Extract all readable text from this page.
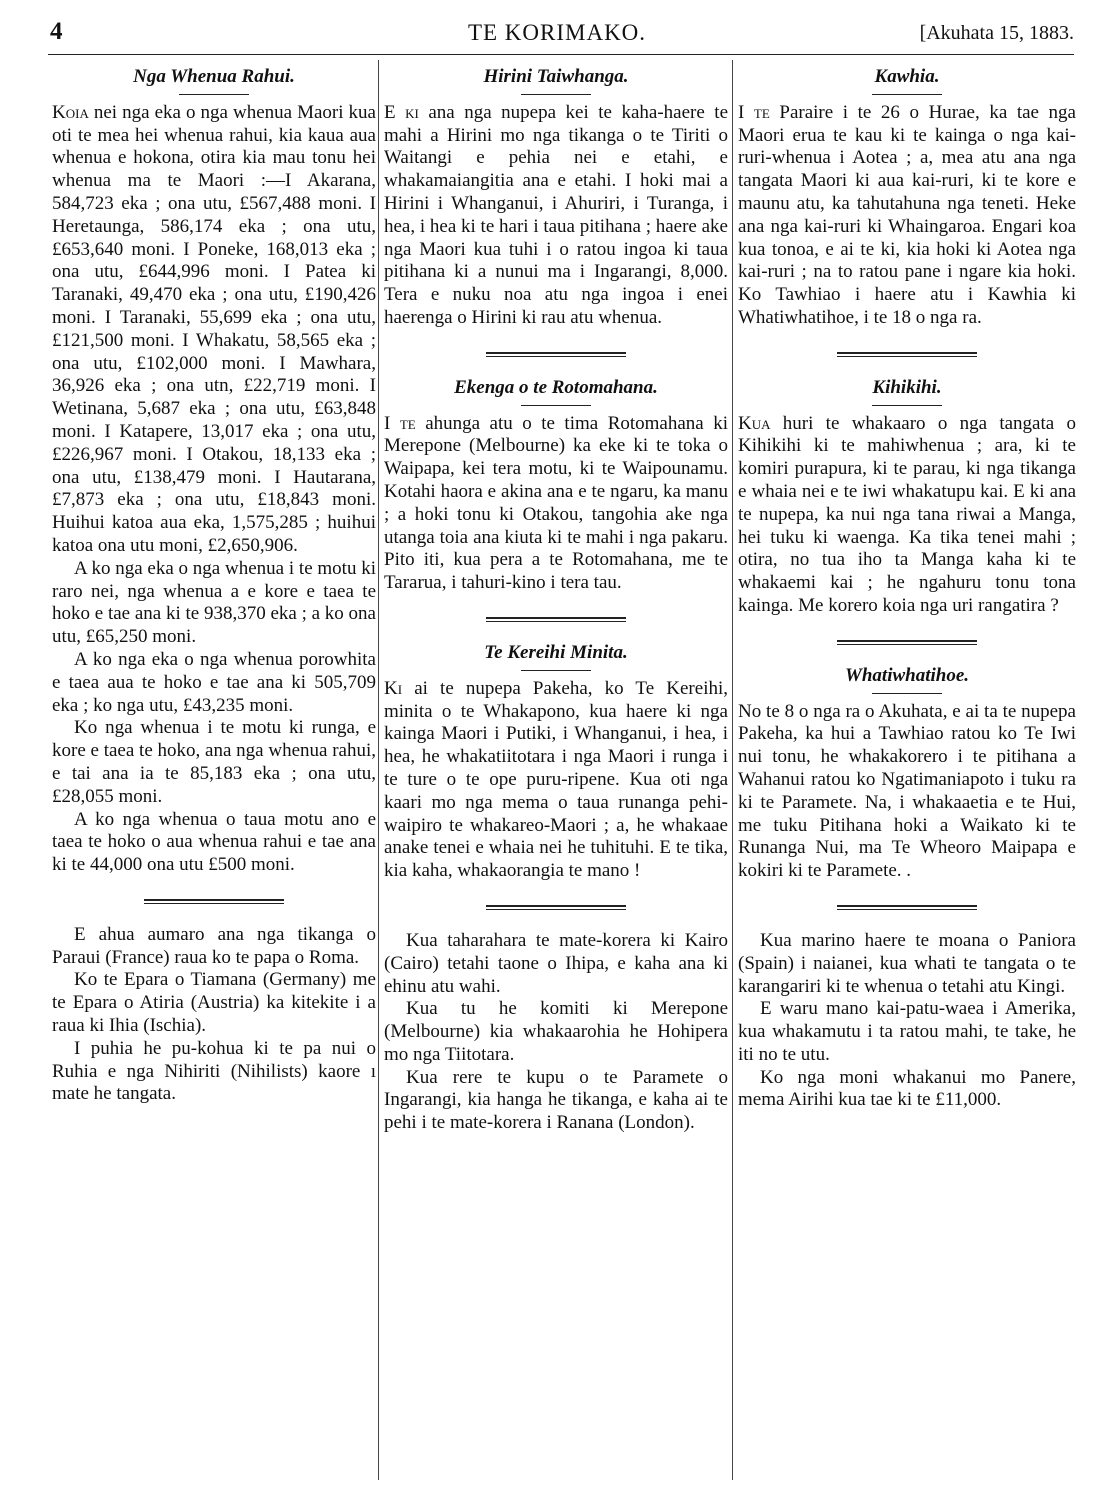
4	TE KORIMAKO.	[Akuhata 15, 1883.
Nga Whenua Rahui.

Koia nei nga eka o nga whenua Maori kua oti te mea hei whenua rahui, kia kaua aua whenua e hokona, otira kia mau tonu hei whenua ma te Maori :—I Akarana, 584,723 eka ; ona utu, £567,488 moni. I Heretaunga, 586,174 eka ; ona utu, £653,640 moni. I Poneke, 168,013 eka ; ona utu, £644,996 moni. I Patea ki Taranaki, 49,470 eka ; ona utu, £190,426 moni. I Taranaki, 55,699 eka ; ona utu, £121,500 moni. I Whakatu, 58,565 eka ; ona utu, £102,000 moni. I Mawhara, 36,926 eka ; ona utn, £22,719 moni. I Wetinana, 5,687 eka ; ona utu, £63,848 moni. I Katapere, 13,017 eka ; ona utu, £226,967 moni. I Otakou, 18,133 eka ; ona utu, £138,479 moni. I Hautarana, £7,873 eka ; ona utu, £18,843 moni. Huihui katoa aua eka, 1,575,285 ; huihui katoa ona utu moni, £2,650,906.

A ko nga eka o nga whenua i te motu ki raro nei, nga whenua a e kore e taea te hoko e tae ana ki te 938,370 eka ; a ko ona utu, £65,250 moni.

A ko nga eka o nga whenua porowhita e taea aua te hoko e tae ana ki 505,709 eka ; ko nga utu, £43,235 moni.

Ko nga whenua i te motu ki runga, e kore e taea te hoko, ana nga whenua rahui, e tai ana ia te 85,183 eka ; ona utu, £28,055 moni.

A ko nga whenua o taua motu ano e taea te hoko o aua whenua rahui e tae ana ki te 44,000 ona utu £500 moni.

E ahua aumaro ana nga tikanga o Paraui (France) raua ko te papa o Roma.

Ko te Epara o Tiamana (Germany) me te Epara o Atiria (Austria) ka kitekite i a raua ki Ihia (Ischia).

I puhia he pu-kohua ki te pa nui o Ruhia e nga Nihiriti (Nihilists) kaore ı mate he tangata.

Hirini Taiwhanga.

E ki ana nga nupepa kei te kaha-haere te mahi a Hirini mo nga tikanga o te Tiriti o Waitangi e pehia nei e etahi, e whakamaiangitia ana e etahi. I hoki mai a Hirini i Whanganui, i Ahuriri, i Turanga, i hea, i hea ki te hari i taua pitihana ; haere ake nga Maori kua tuhi i o ratou ingoa ki taua pitihana ki a nunui ma i Ingarangi, 8,000. Tera e nuku noa atu nga ingoa i enei haerenga o Hirini ki rau atu whenua.

Ekenga o te Rotomahana.

I te ahunga atu o te tima Rotomahana ki Merepone (Melbourne) ka eke ki te toka o Waipapa, kei tera motu, ki te Waipounamu. Kotahi haora e akina ana e te ngaru, ka manu ; a hoki tonu ki Otakou, tangohia ake nga utanga toia ana kiuta ki te mahi i nga pakaru. Pito iti, kua pera a te Rotomahana, me te Tararua, i tahuri-kino i tera tau.

Te Kereihi Minita.

Ki ai te nupepa Pakeha, ko Te Kereihi, minita o te Whakapono, kua haere ki nga kainga Maori i Putiki, i Whanganui, i hea, i hea, he whakatiitotara i nga Maori i runga i te ture o te ope puru-ripene. Kua oti nga kaari mo nga mema o taua runanga pehi-waipiro te whakareo-Maori ; a, he whakaae anake tenei e whaia nei he tuhituhi. E te tika, kia kaha, whakaorangia te mano !

Kua taharahara te mate-korera ki Kairo (Cairo) tetahi taone o Ihipa, e kaha ana ki ehinu atu wahi.

Kua tu he komiti ki Merepone (Melbourne) kia whakaarohia he Hohipera mo nga Tiitotara.

Kua rere te kupu o te Paramete o Ingarangi, kia hanga he tikanga, e kaha ai te pehi i te mate-korera i Ranana (London).

Kawhia.

I te Paraire i te 26 o Hurae, ka tae nga Maori erua te kau ki te kainga o nga kai-ruri-whenua i Aotea ; a, mea atu ana nga tangata Maori ki aua kai-ruri, ki te kore e maunu atu, ka tahutahuna nga teneti. Heke ana nga kai-ruri ki Whaingaroa. Engari koa kua tonoa, e ai te ki, kia hoki ki Aotea nga kai-ruri ; na to ratou pane i ngare kia hoki. Ko Tawhiao i haere atu i Kawhia ki Whatiwhatihoe, i te 18 o nga ra.

Kihikihi.

Kua huri te whakaaro o nga tangata o Kihikihi ki te mahiwhenua ; ara, ki te komiri purapura, ki te parau, ki nga tikanga e whaia nei e te iwi whakatupu kai. E ki ana te nupepa, ka nui nga tana riwai a Manga, hei tuku ki waenga. Ka tika tenei mahi ; otira, no tua iho ta Manga kaha ki te whakaemi kai ; he ngahuru tonu tona kainga. Me korero koia nga uri rangatira ?

Whatiwhatihoe.

No te 8 o nga ra o Akuhata, e ai ta te nupepa Pakeha, ka hui a Tawhiao ratou ko Te Iwi nui tonu, he whakakorero i te pitihana a Wahanui ratou ko Ngatimaniapoto i tuku ra ki te Paramete. Na, i whakaaetia e te Hui, me tuku Pitihana hoki a Waikato ki te Runanga Nui, ma Te Wheoro Maipapa e kokiri ki te Paramete. .

Kua marino haere te moana o Paniora (Spain) i naianei, kua whati te tangata o te karangariri ki te whenua o tetahi atu Kingi.

E waru mano kai-patu-waea i Amerika, kua whakamutu i ta ratou mahi, te take, he iti no te utu.

Ko nga moni whakanui mo Panere, mema Airihi kua tae ki te £11,000.
